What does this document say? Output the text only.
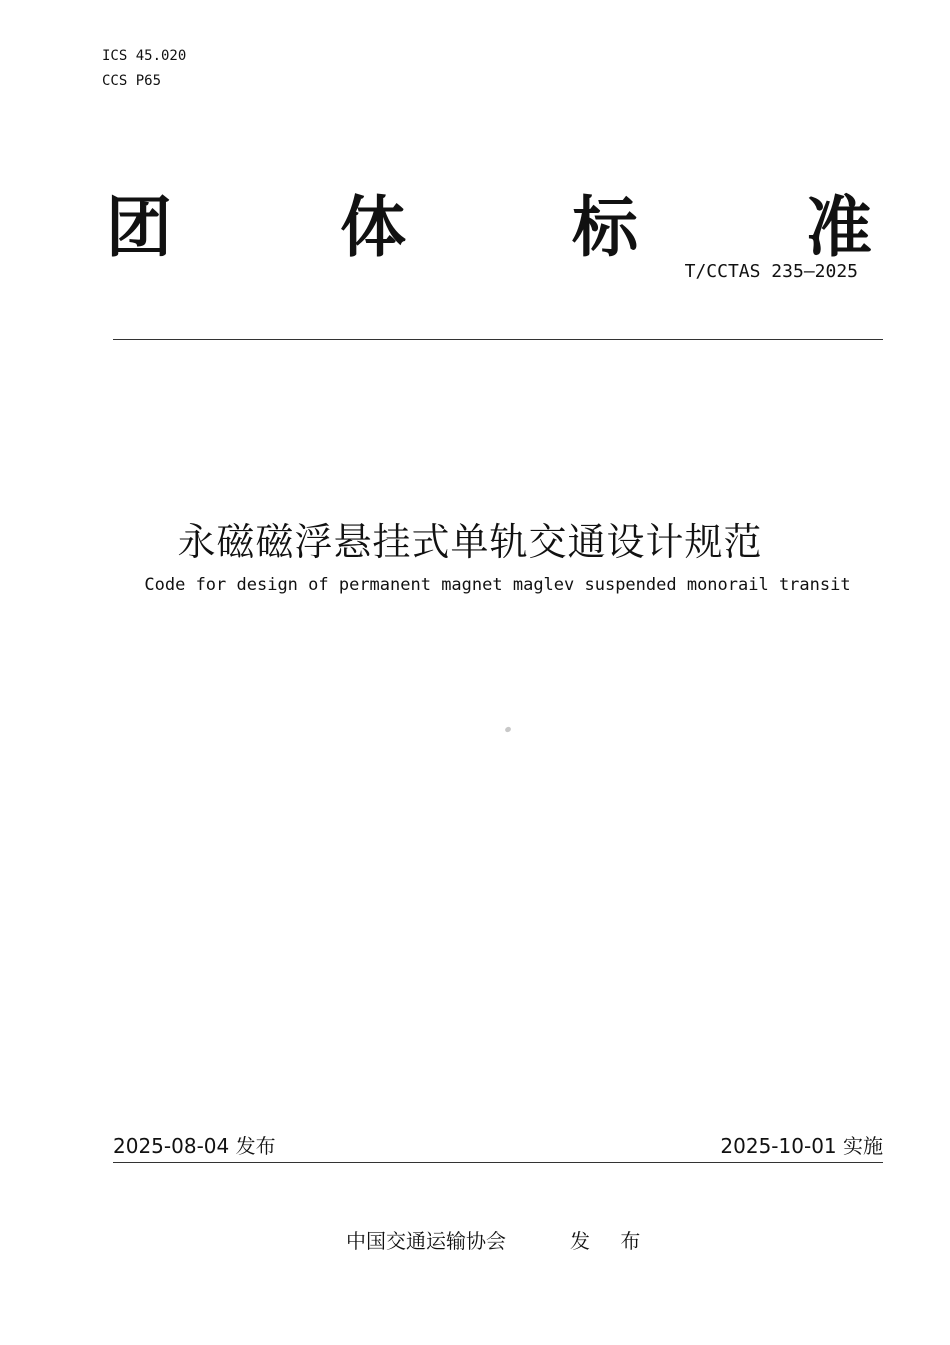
ICS 45.020
CCS P65
团	体	标	准
T/CCTAS 235—2025
永磁磁浮悬挂式单轨交通设计规范
Code for design of permanent magnet maglev suspended monorail transit
2025-08-04 发布	2025-10-01 实施
中国交通运输协会	发 布
